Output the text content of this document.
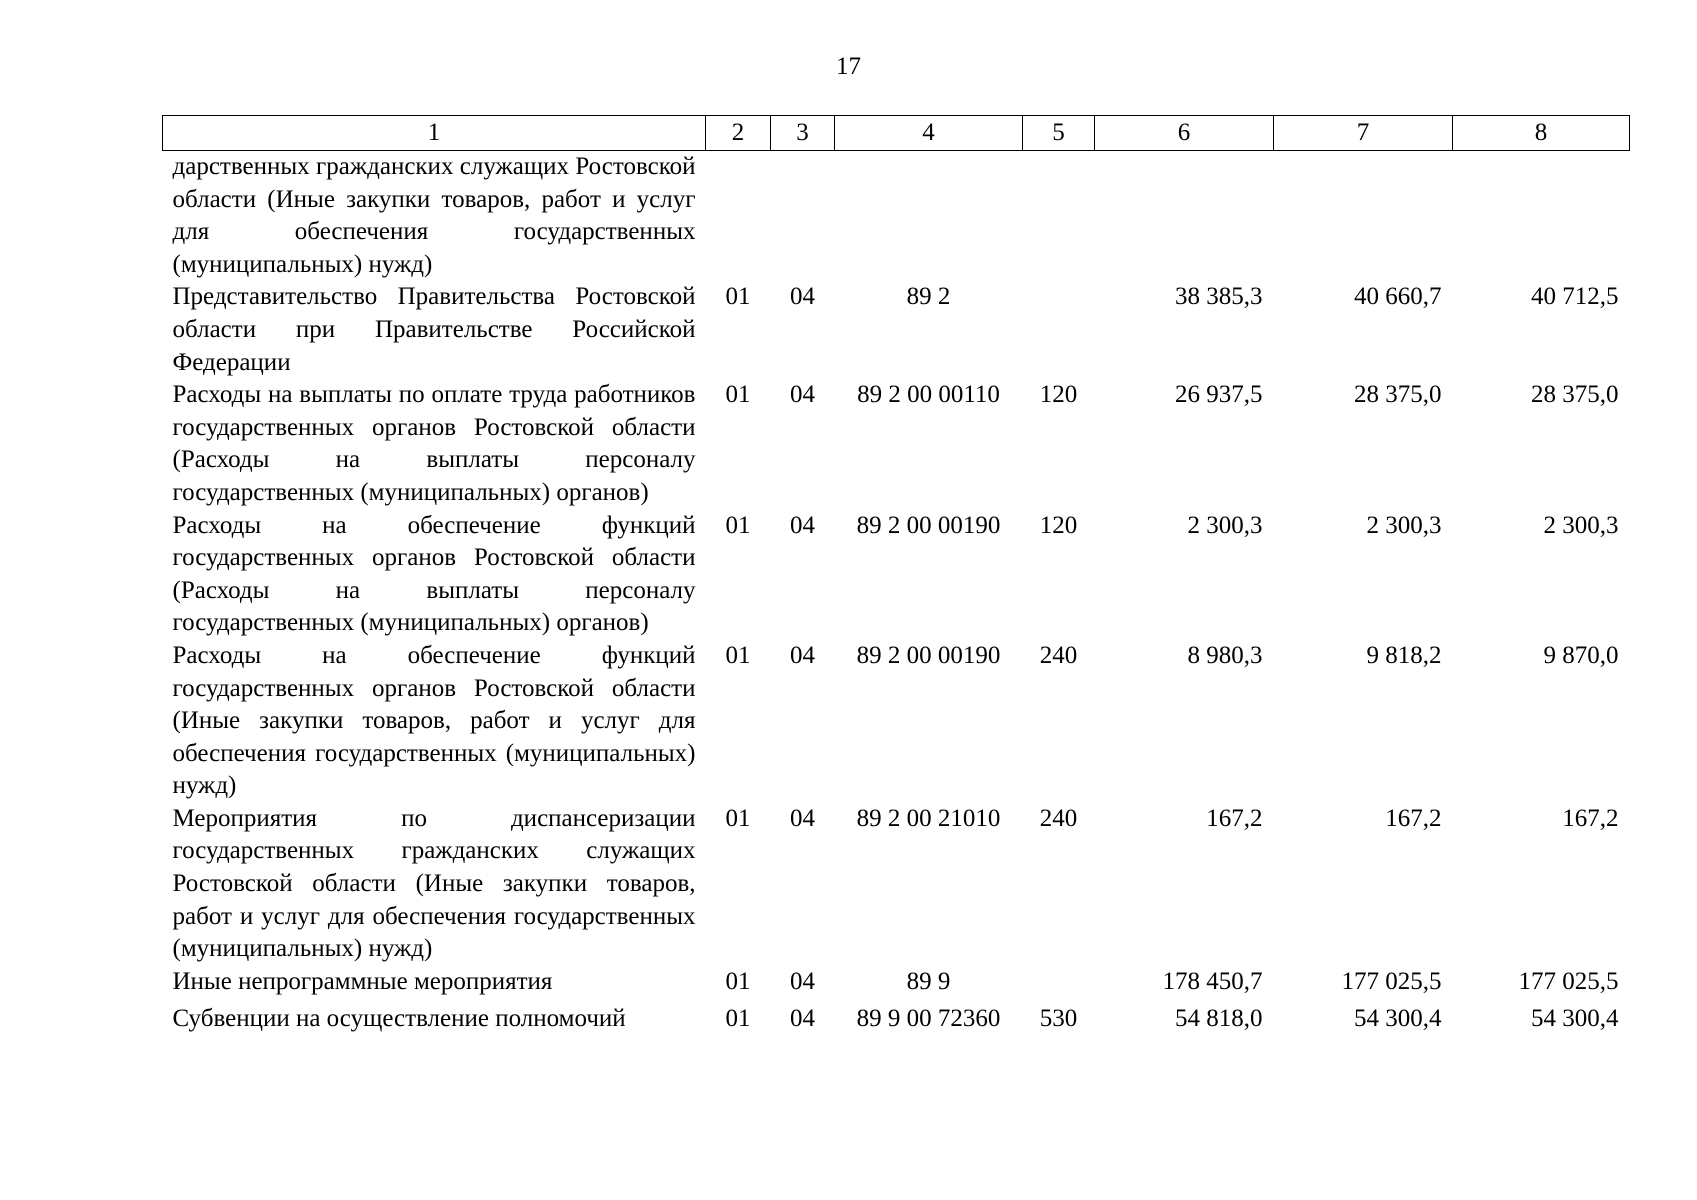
17
1	2	3	4	5	6	7	8
дарственных гражданских служащих Ростовской области (Иные закупки товаров, работ и услуг для обеспечения государственных (муниципальных) нужд)							
Представительство Правительства Ростовской области при Правительстве Российской Федерации	01	04	89 2		38 385,3	40 660,7	40 712,5
Расходы на выплаты по оплате труда работников государственных органов Ростовской области (Расходы на выплаты персоналу государственных (муниципальных) органов)	01	04	89 2 00 00110	120	26 937,5	28 375,0	28 375,0
Расходы на обеспечение функций государственных органов Ростовской области (Расходы на выплаты персоналу государственных (муниципальных) органов)	01	04	89 2 00 00190	120	2 300,3	2 300,3	2 300,3
Расходы на обеспечение функций государственных органов Ростовской области (Иные закупки товаров, работ и услуг для обеспечения государственных (муниципальных) нужд)	01	04	89 2 00 00190	240	8 980,3	9 818,2	9 870,0
Мероприятия по диспансеризации государственных гражданских служащих Ростовской области (Иные закупки товаров, работ и услуг для обеспечения государственных (муниципальных) нужд)	01	04	89 2 00 21010	240	167,2	167,2	167,2
Иные непрограммные мероприятия	01	04	89 9		178 450,7	177 025,5	177 025,5
Субвенции на осуществление полномочий	01	04	89 9 00 72360	530	54 818,0	54 300,4	54 300,4
